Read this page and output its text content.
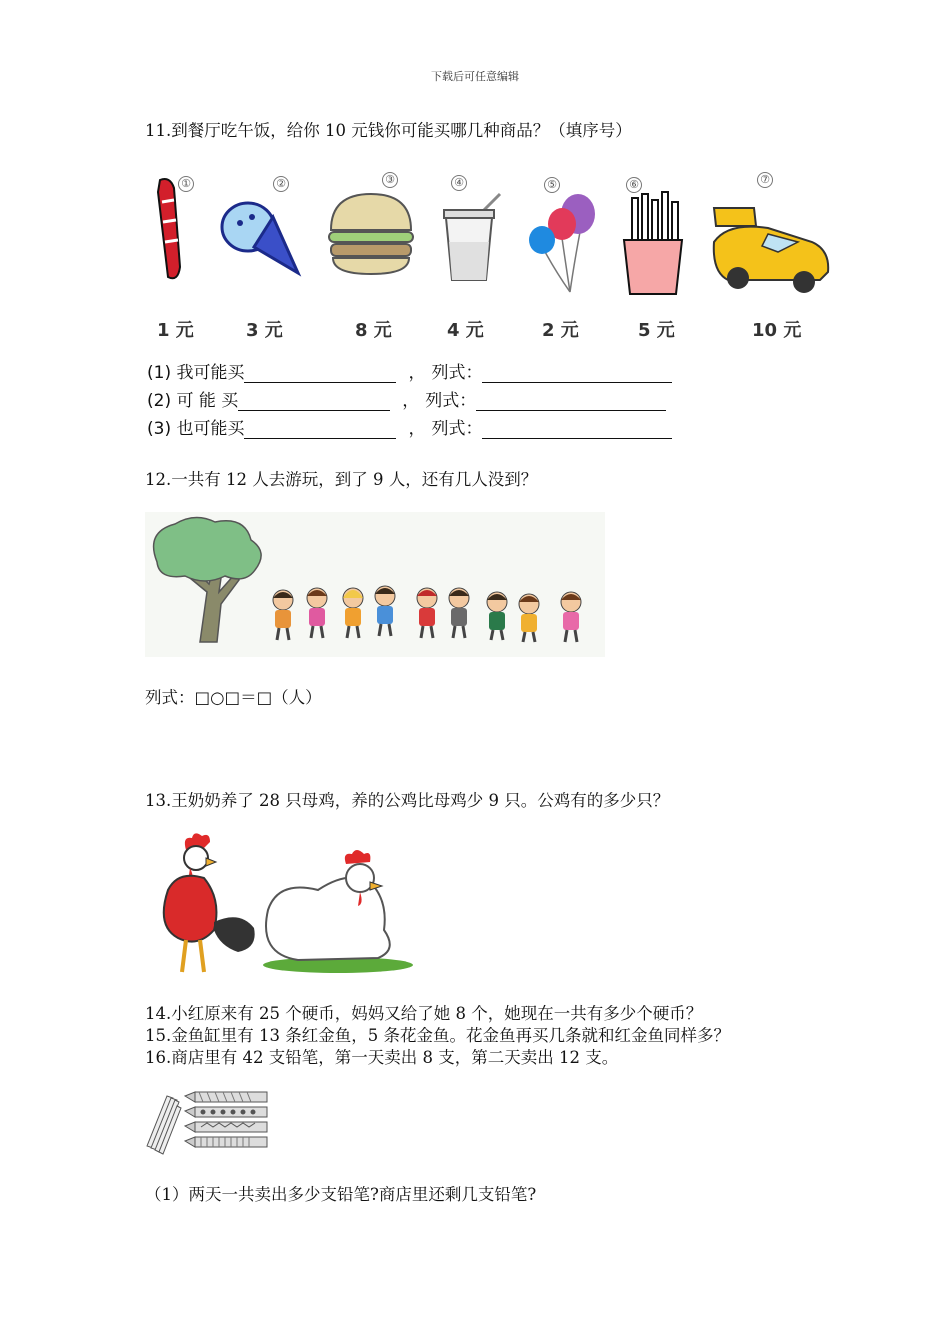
下载后可任意编辑
11.到餐厅吃午饭，给你 10 元钱你可能买哪几种商品？（填序号）
①
1 元
②
3 元
③
8 元
④
4 元
⑤
2 元
⑥
5 元
⑦
10 元
(1) 我可能买	， 列式：
(2) 可 能 买	， 列式：
(3) 也可能买	， 列式：
12.一共有 12 人去游玩，到了 9 人，还有几人没到？
列式：□○□＝□（人）
13.王奶奶养了 28 只母鸡，养的公鸡比母鸡少 9 只。公鸡有的多少只？
14.小红原来有 25 个硬币，妈妈又给了她 8 个，她现在一共有多少个硬币？
15.金鱼缸里有 13 条红金鱼，5 条花金鱼。花金鱼再买几条就和红金鱼同样多？
16.商店里有 42 支铅笔，第一天卖出 8 支，第二天卖出 12 支。
（1）两天一共卖出多少支铅笔?商店里还剩几支铅笔?
